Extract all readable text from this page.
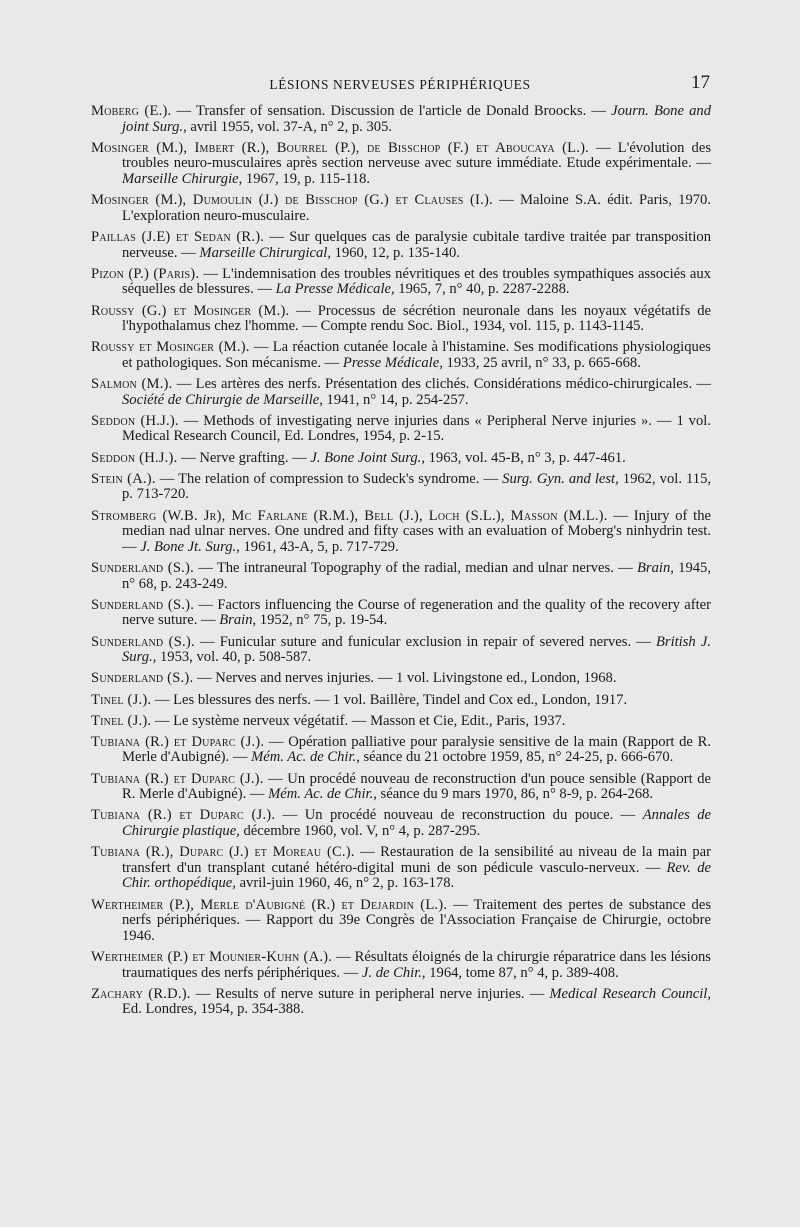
LÉSIONS NERVEUSES PÉRIPHÉRIQUES	17
Moberg (E.). — Transfer of sensation. Discussion de l'article de Donald Broocks. — Journ. Bone and joint Surg., avril 1955, vol. 37-A, n° 2, p. 305.
Mosinger (M.), Imbert (R.), Bourrel (P.), de Bisschop (F.) et Aboucaya (L.). — L'évolution des troubles neuro-musculaires après section nerveuse avec suture immédiate. Etude expérimentale. — Marseille Chirurgie, 1967, 19, p. 115-118.
Mosinger (M.), Dumoulin (J.) de Bisschop (G.) et Clauses (I.). — Maloine S.A. édit. Paris, 1970. L'exploration neuro-musculaire.
Paillas (J.E) et Sedan (R.). — Sur quelques cas de paralysie cubitale tardive traitée par transposition nerveuse. — Marseille Chirurgical, 1960, 12, p. 135-140.
Pizon (P.) (Paris). — L'indemnisation des troubles névritiques et des troubles sympathiques associés aux séquelles de blessures. — La Presse Médicale, 1965, 7, n° 40, p. 2287-2288.
Roussy (G.) et Mosinger (M.). — Processus de sécrétion neuronale dans les noyaux végétatifs de l'hypothalamus chez l'homme. — Compte rendu Soc. Biol., 1934, vol. 115, p. 1143-1145.
Roussy et Mosinger (M.). — La réaction cutanée locale à l'histamine. Ses modifications physiologiques et pathologiques. Son mécanisme. — Presse Médicale, 1933, 25 avril, n° 33, p. 665-668.
Salmon (M.). — Les artères des nerfs. Présentation des clichés. Considérations médico-chirurgicales. — Société de Chirurgie de Marseille, 1941, n° 14, p. 254-257.
Seddon (H.J.). — Methods of investigating nerve injuries dans « Peripheral Nerve injuries ». — 1 vol. Medical Research Council, Ed. Londres, 1954, p. 2-15.
Seddon (H.J.). — Nerve grafting. — J. Bone Joint Surg., 1963, vol. 45-B, n° 3, p. 447-461.
Stein (A.). — The relation of compression to Sudeck's syndrome. — Surg. Gyn. and lest, 1962, vol. 115, p. 713-720.
Stromberg (W.B. Jr), Mc Farlane (R.M.), Bell (J.), Loch (S.L.), Masson (M.L.). — Injury of the median nad ulnar nerves. One undred and fifty cases with an evaluation of Moberg's ninhydrin test. — J. Bone Jt. Surg., 1961, 43-A, 5, p. 717-729.
Sunderland (S.). — The intraneural Topography of the radial, median and ulnar nerves. — Brain, 1945, n° 68, p. 243-249.
Sunderland (S.). — Factors influencing the Course of regeneration and the quality of the recovery after nerve suture. — Brain, 1952, n° 75, p. 19-54.
Sunderland (S.). — Funicular suture and funicular exclusion in repair of severed nerves. — British J. Surg., 1953, vol. 40, p. 508-587.
Sunderland (S.). — Nerves and nerves injuries. — 1 vol. Livingstone ed., London, 1968.
Tinel (J.). — Les blessures des nerfs. — 1 vol. Baillère, Tindel and Cox ed., London, 1917.
Tinel (J.). — Le système nerveux végétatif. — Masson et Cie, Edit., Paris, 1937.
Tubiana (R.) et Duparc (J.). — Opération palliative pour paralysie sensitive de la main (Rapport de R. Merle d'Aubigné). — Mém. Ac. de Chir., séance du 21 octobre 1959, 85, n° 24-25, p. 666-670.
Tubiana (R.) et Duparc (J.). — Un procédé nouveau de reconstruction d'un pouce sensible (Rapport de R. Merle d'Aubigné). — Mém. Ac. de Chir., séance du 9 mars 1970, 86, n° 8-9, p. 264-268.
Tubiana (R.) et Duparc (J.). — Un procédé nouveau de reconstruction du pouce. — Annales de Chirurgie plastique, décembre 1960, vol. V, n° 4, p. 287-295.
Tubiana (R.), Duparc (J.) et Moreau (C.). — Restauration de la sensibilité au niveau de la main par transfert d'un transplant cutané hétéro-digital muni de son pédicule vasculo-nerveux. — Rev. de Chir. orthopédique, avril-juin 1960, 46, n° 2, p. 163-178.
Wertheimer (P.), Merle d'Aubigné (R.) et Dejardin (L.). — Traitement des pertes de substance des nerfs périphériques. — Rapport du 39e Congrès de l'Association Française de Chirurgie, octobre 1946.
Wertheimer (P.) et Mounier-Kuhn (A.). — Résultats éloignés de la chirurgie réparatrice dans les lésions traumatiques des nerfs périphériques. — J. de Chir., 1964, tome 87, n° 4, p. 389-408.
Zachary (R.D.). — Results of nerve suture in peripheral nerve injuries. — Medical Research Council, Ed. Londres, 1954, p. 354-388.
